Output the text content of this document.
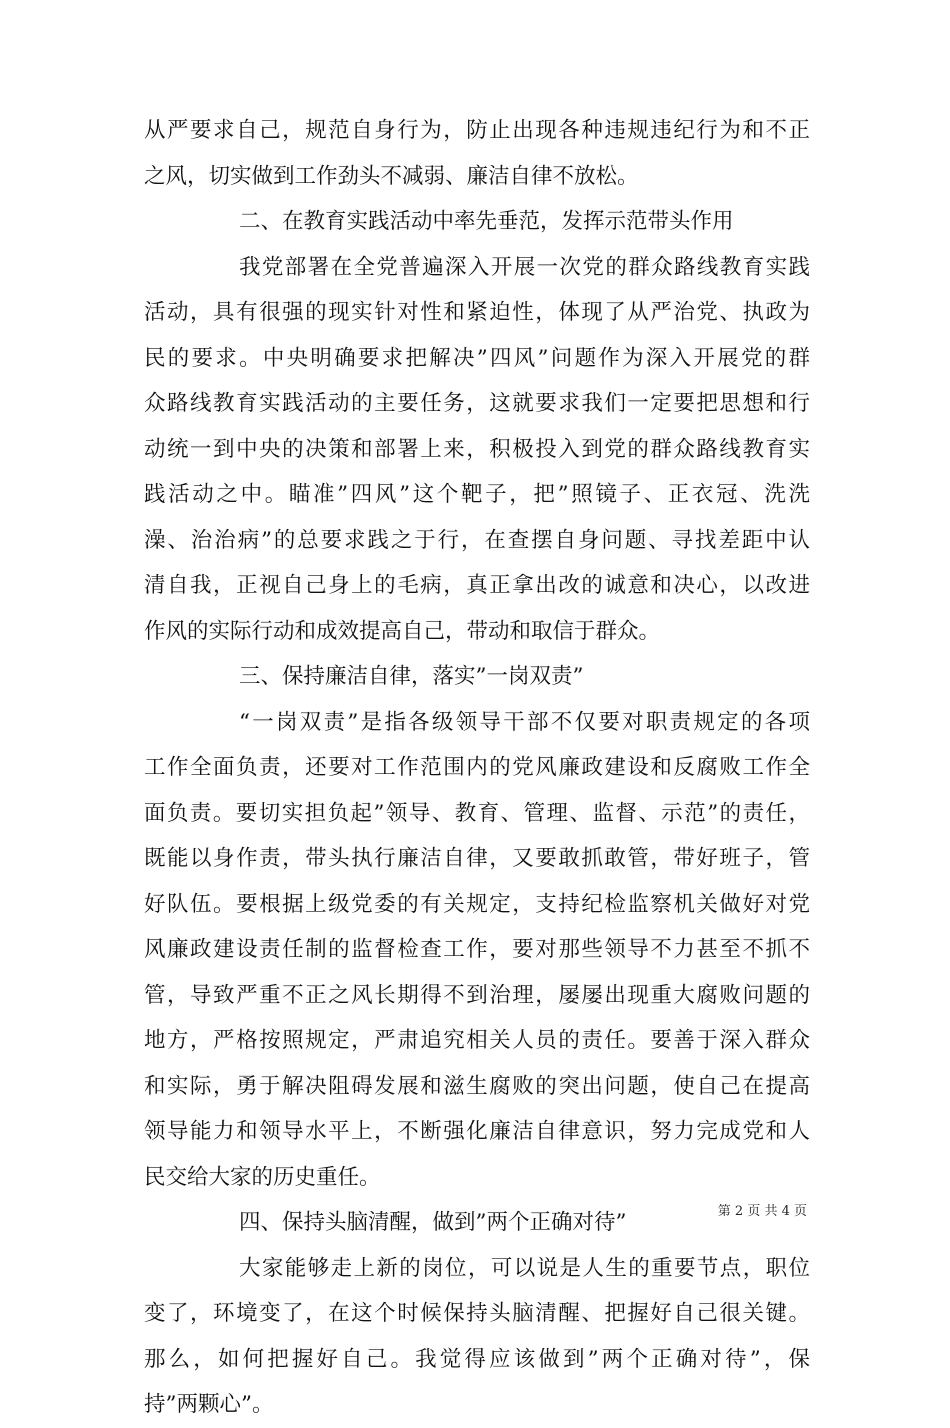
从严要求自己，规范自身行为，防止出现各种违规违纪行为和不正
之风，切实做到工作劲头不减弱、廉洁自律不放松。
二、在教育实践活动中率先垂范，发挥示范带头作用
我党部署在全党普遍深入开展一次党的群众路线教育实践
活动，具有很强的现实针对性和紧迫性，体现了从严治党、执政为
民的要求。中央明确要求把解决”四风”问题作为深入开展党的群
众路线教育实践活动的主要任务，这就要求我们一定要把思想和行
动统一到中央的决策和部署上来，积极投入到党的群众路线教育实
践活动之中。瞄准”四风”这个靶子，把”照镜子、正衣冠、洗洗
澡、治治病”的总要求践之于行，在查摆自身问题、寻找差距中认
清自我，正视自己身上的毛病，真正拿出改的诚意和决心，以改进
作风的实际行动和成效提高自己，带动和取信于群众。
三、保持廉洁自律，落实”一岗双责”
“一岗双责”是指各级领导干部不仅要对职责规定的各项
工作全面负责，还要对工作范围内的党风廉政建设和反腐败工作全
面负责。要切实担负起”领导、教育、管理、监督、示范”的责任，
既能以身作责，带头执行廉洁自律，又要敢抓敢管，带好班子，管
好队伍。要根据上级党委的有关规定，支持纪检监察机关做好对党
风廉政建设责任制的监督检查工作，要对那些领导不力甚至不抓不
管，导致严重不正之风长期得不到治理，屡屡出现重大腐败问题的
地方，严格按照规定，严肃追究相关人员的责任。要善于深入群众
和实际，勇于解决阻碍发展和滋生腐败的突出问题，使自己在提高
领导能力和领导水平上，不断强化廉洁自律意识，努力完成党和人
民交给大家的历史重任。
四、保持头脑清醒，做到”两个正确对待”
大家能够走上新的岗位，可以说是人生的重要节点，职位
变了，环境变了，在这个时候保持头脑清醒、把握好自己很关键。
那么，如何把握好自己。我觉得应该做到”两个正确对待”，保
持”两颗心”。
第 2 页 共 4 页
